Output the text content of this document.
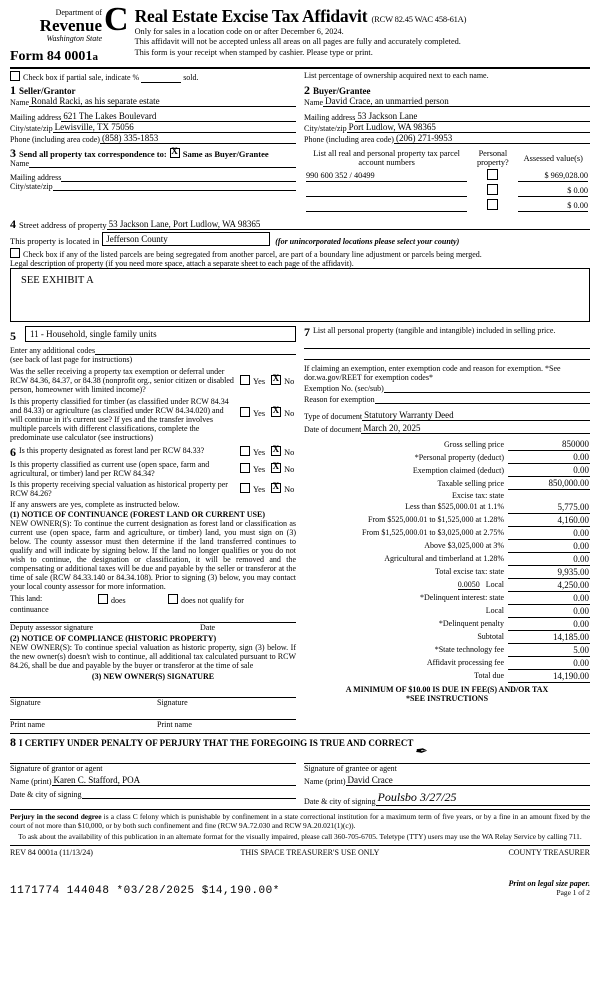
Department of
Revenue
Washington State
Form 84 0001a
C Real Estate Excise Tax Affidavit (RCW 82.45 WAC 458-61A)
Only for sales in a location code on or after December 6, 2024.
This affidavit will not be accepted unless all areas on all pages are fully and accurately completed.
This form is your receipt when stamped by cashier. Please type or print.
Check box if partial sale, indicate %	sold.	List percentage of ownership acquired next to each name.
1 Seller/Grantor
Name Ronald Racki, as his separate estate
Mailing address 621 The Lakes Boulevard
City/state/zip Lewisville, TX 75056
Phone (including area code) (858) 335-1853
2 Buyer/Grantee
Name David Crace, an unmarried person
Mailing address 53 Jackson Lane
City/state/zip Port Ludlow, WA 98365
Phone (including area code) (206) 271-9953
3 Send all property tax correspondence to: X	Same as Buyer/Grantee
Name
Mailing address
City/state/zip
List all real and personal property tax parcel account numbers	Personal property?	Assessed value(s)
990 600 352 / 40499		$ 969,028.00
		$ 0.00
		$ 0.00
4 Street address of property 53 Jackson Lane, Port Ludlow, WA 98365
This property is located in Jefferson County	(for unincorporated locations please select your county)
Check box if any of the listed parcels are being segregated from another parcel, are part of a boundary line adjustment or parcels being merged.
Legal description of property (if you need more space, attach a separate sheet to each page of the affidavit).
SEE EXHIBIT A
5	11 - Household, single family units
Enter any additional codes
(see back of last page for instructions)
Was the seller receiving a property tax exemption or deferral under RCW 84.36, 84.37, or 84.38 (nonprofit org., senior citizen or disabled person, homeowner with limited income)?
Yes X No
Is this property classified for timber (as classified under RCW 84.34 and 84.33) or agriculture (as classified under RCW 84.34.020) and will continue in it's current use? If yes and the transfer involves multiple parcels with different classifications, complete the predominate use calculator (see instructions)
Yes X No
6 Is this property designated as forest land per RCW 84.33?	Yes X No
Is this property classified as current use (open space, farm and agricultural, or timber) land per RCW 84.34?	Yes X No
Is this property receiving special valuation as historical property per RCW 84.26?	Yes X No
If any answers are yes, complete as instructed below.
(1) NOTICE OF CONTINUANCE (FOREST LAND OR CURRENT USE)
NEW OWNER(S): To continue the current designation as forest land or classification as current use (open space, farm and agriculture, or timber) land, you must sign on (3) below. The county assessor must then determine if the land transferred continues to qualify and will indicate by signing below. If the land no longer qualifies or you do not wish to continue, the designation or classification, it will be removed and the compensating or additional taxes will be due and payable by the seller or transferor at the time of sale (RCW 84.33.140 or 84.34.108). Prior to signing (3) below, you may contact your local county assessor for more information.
This land:	does	does not qualify for
continuance
Deputy assessor signature	Date
(2) NOTICE OF COMPLIANCE (HISTORIC PROPERTY)
NEW OWNER(S): To continue special valuation as historic property, sign (3) below. If the new owner(s) doesn't wish to continue, all additional tax calculated pursuant to RCW 84.26, shall be due and payable by the buyer or transferor at the time of sale
(3) NEW OWNER(S) SIGNATURE
Signature	Signature
Print name	Print name
7 List all personal property (tangible and intangible) included in selling price.
If claiming an exemption, enter exemption code and reason for exemption. *See dor.wa.gov/REET for exemption codes*
Exemption No. (sec/sub)
Reason for exemption
Type of document Statutory Warranty Deed
Date of document March 20, 2025
Gross selling price	850000
*Personal property (deduct)	0.00
Exemption claimed (deduct)	0.00
Taxable selling price	850,000.00
Excise tax: state	
Less than $525,000.01 at 1.1%	5,775.00
From $525,000.01 to $1,525,000 at 1.28%	4,160.00
From $1,525,000.01 to $3,025,000 at 2.75%	0.00
Above $3,025,000 at 3%	0.00
Agricultural and timberland at 1.28%	0.00
Total excise tax: state	9,935.00
0.0050 Local	4,250.00
*Delinquent interest: state	0.00
Local	0.00
*Delinquent penalty	0.00
Subtotal	14,185.00
*State technology fee	5.00
Affidavit processing fee	0.00
Total due	14,190.00
A MINIMUM OF $10.00 IS DUE IN FEE(S) AND/OR TAX
*SEE INSTRUCTIONS
8 I CERTIFY UNDER PENALTY OF PERJURY THAT THE FOREGOING IS TRUE AND CORRECT
Signature of grantor or agent
Name (print) Karen C. Stafford, POA
Date & city of signing
✒
Signature of grantee or agent
Name (print) David Crace
Date & city of signing Poulsbo 3/27/25
Perjury in the second degree is a class C felony which is punishable by confinement in a state correctional institution for a maximum term of five years, or by a fine in an amount fixed by the court of not more than $10,000, or by both such confinement and fine (RCW 9A.72.030 and RCW 9A.20.021(1)(c)).
To ask about the availability of this publication in an alternate format for the visually impaired, please call 360-705-6705. Teletype (TTY) users may use the WA Relay Service by calling 711.
REV 84 0001a (11/13/24)	THIS SPACE TREASURER'S USE ONLY	COUNTY TREASURER
1171774 144048 *03/28/2025 $14,190.00*
Print on legal size paper.
Page 1 of 2
